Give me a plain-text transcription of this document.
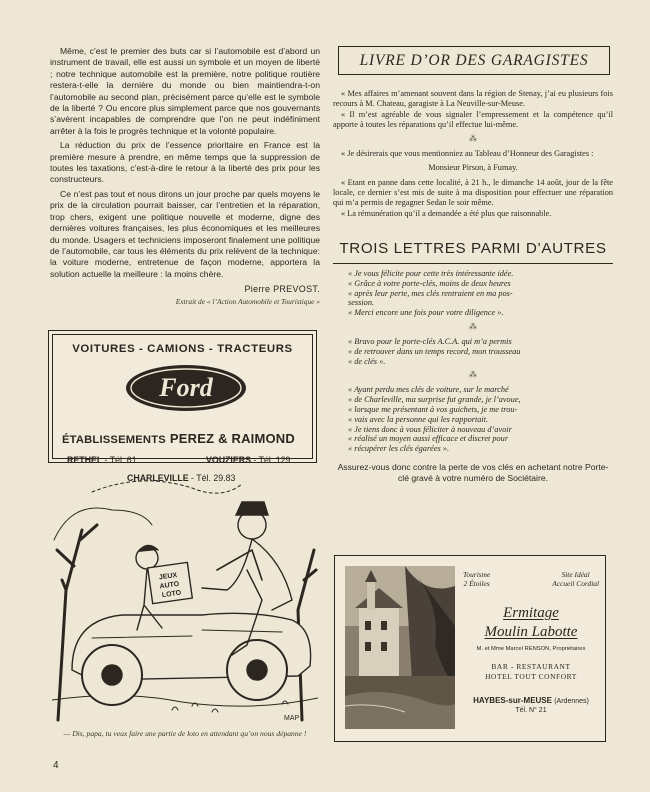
Même, c’est le premier des buts car si l’automobile est d’abord un instrument de travail, elle est aussi un symbole et un moyen de liberté ; notre technique automobile est la première, notre politique routière restera-t-elle la dernière du monde ou bien maintiendra-t-on l’automobile au second plan, précisément parce qu’elle est le symbole de la liberté ? Ou encore plus simplement parce que nos gouvernants s’avèrent incapables de comprendre que l’on ne peut indéfiniment arrêter à la fois le progrès technique et la volonté populaire.

La réduction du prix de l’essence prioritaire en France est la première mesure à prendre, en même temps que la suppression de toutes les taxations, c’est-à-dire le retour à la liberté des prix pour les constructeurs.

Ce n’est pas tout et nous dirons un jour proche par quels moyens le prix de la circulation pourrait baisser, car l’entretien et la réparation, trop chers, exigent une politique nouvelle et moderne, digne des dernières voitures françaises, les plus économiques et les meilleures du monde. Usagers et techniciens imposeront finalement une politique de l’automobile, car tous les éléments du prix relèvent de la technique: la voiture moderne, entretenue de façon moderne, apportera la solution actuelle la meilleure : la moins chère.

Pierre PREVOST.

Extrait de « l’Action Automobile et Touristique »

VOITURES - CAMIONS - TRACTEURS
Ford
ÉTABLISSEMENTS PEREZ & RAIMOND
RETHEL - Tél. 61	VOUZIERS - Tél. 129
CHARLEVILLE - Tél. 29.83
JEUX AUTO LOTO
MAP
— Dis, papa, tu veux faire une partie de loto en attendant qu’on nous dépanne !
LIVRE D’OR DES GARAGISTES

« Mes affaires m’amenant souvent dans la région de Stenay, j’ai eu plusieurs fois recours à M. Chateau, garagiste à La Neuville-sur-Meuse.

« Il m’est agréable de vous signaler l’empressement et la compétence qu’il apporte à toutes les réparations qu’il effectue lui-même.

⁂

« Je désirerais que vous mentionniez au Tableau d’Honneur des Garagistes :

Monsieur Pirson, à Fumay.

« Etant en panne dans cette localité, à 21 h., le dimanche 14 août, jour de la fête locale, ce dernier s’est mis de suite à ma disposition pour effectuer une réparation qui m’a permis de regagner Sedan le soir même.

« La rémunération qu’il a demandée a été plus que raisonnable.

TROIS LETTRES PARMI D’AUTRES

« Je vous félicite pour cette très intéressante idée.

« Grâce à votre porte-clés, moins de deux heures

« après leur perte, mes clés rentraient en ma pos-

session.

« Merci encore une fois pour votre diligence ».

⁂

« Bravo pour le porte-clés A.C.A. qui m’a permis

« de retrouver dans un temps record, mon trousseau

« de clés ».

⁂

« Ayant perdu mes clés de voiture, sur le marché

« de Charleville, ma surprise fut grande, je l’avoue,

« lorsque me présentant à vos guichets, je me trou-

« vais avec la personne qui les rapportait.

« Je tiens donc à vous féliciter à nouveau d’avoir

« réalisé un moyen aussi efficace et discret pour

« récupérer les clés égarées ».

Assurez-vous donc contre la perte de vos clés en achetant notre Porte-clé gravé à votre numéro de Sociétaire.

Tourisme
2 Étoiles
Site Idéal
Accueil Cordial
Ermitage
Moulin Labotte

M. et Mme Marcel RENSON, Propriétaires

BAR - RESTAURANT

HOTEL TOUT CONFORT

HAYBES-sur-MEUSE (Ardennes)

Tél. N° 21

4
